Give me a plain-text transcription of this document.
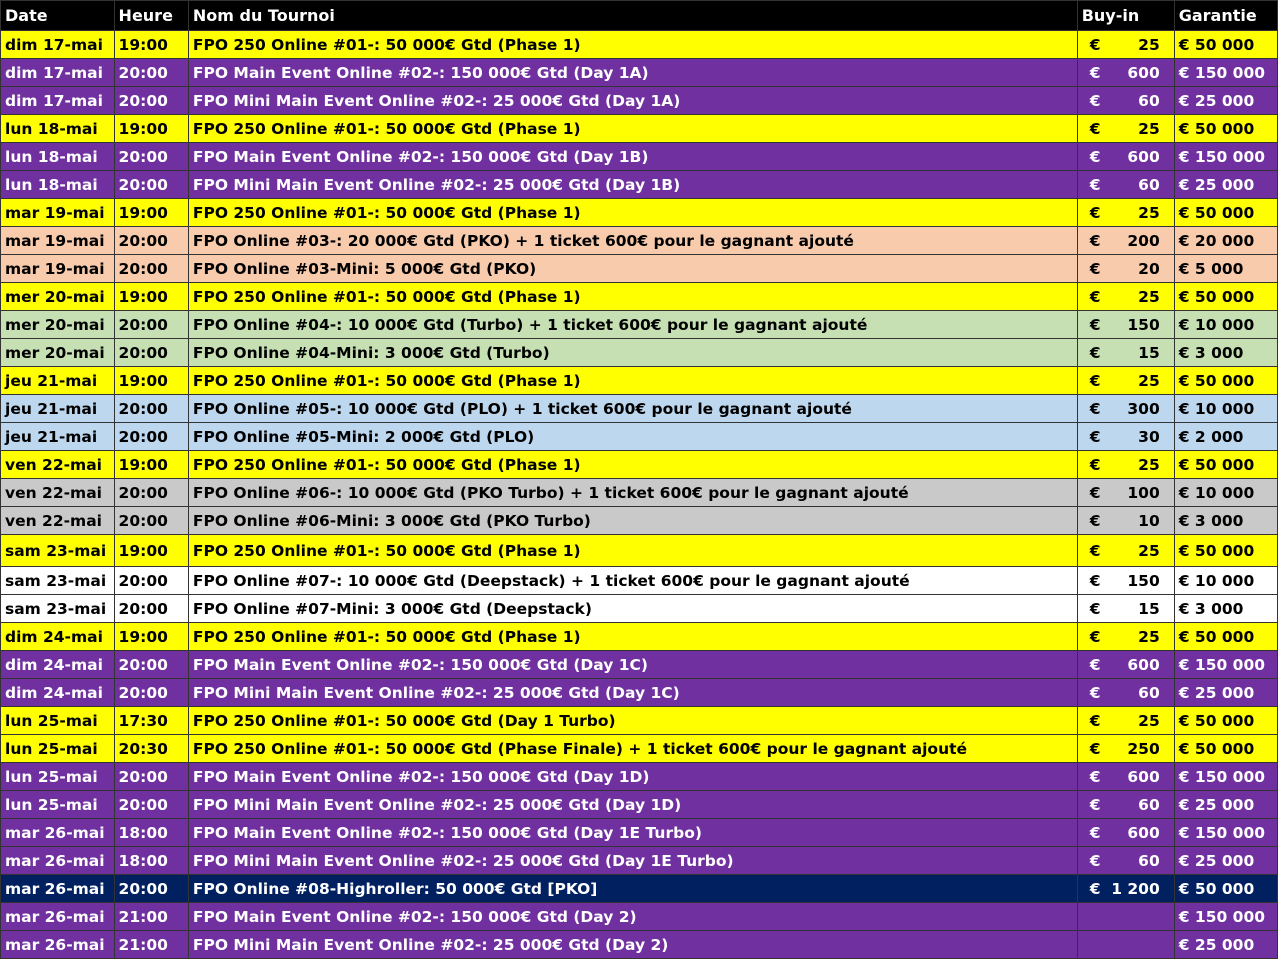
Date	Heure	Nom du Tournoi	Buy-in	Garantie
dim 17-mai	19:00	FPO 250 Online #01-: 50 000€ Gtd (Phase 1)	€ 25	€ 50 000
dim 17-mai	20:00	FPO Main Event Online #02-: 150 000€ Gtd (Day 1A)	€ 600	€ 150 000
dim 17-mai	20:00	FPO Mini Main Event Online #02-: 25 000€ Gtd (Day 1A)	€ 60	€ 25 000
lun 18-mai	19:00	FPO 250 Online #01-: 50 000€ Gtd (Phase 1)	€ 25	€ 50 000
lun 18-mai	20:00	FPO Main Event Online #02-: 150 000€ Gtd (Day 1B)	€ 600	€ 150 000
lun 18-mai	20:00	FPO Mini Main Event Online #02-: 25 000€ Gtd (Day 1B)	€ 60	€ 25 000
mar 19-mai	19:00	FPO 250 Online #01-: 50 000€ Gtd (Phase 1)	€ 25	€ 50 000
mar 19-mai	20:00	FPO Online #03-: 20 000€ Gtd (PKO) + 1 ticket 600€ pour le gagnant ajouté	€ 200	€ 20 000
mar 19-mai	20:00	FPO Online #03-Mini: 5 000€ Gtd (PKO)	€ 20	€ 5 000
mer 20-mai	19:00	FPO 250 Online #01-: 50 000€ Gtd (Phase 1)	€ 25	€ 50 000
mer 20-mai	20:00	FPO Online #04-: 10 000€ Gtd (Turbo) + 1 ticket 600€ pour le gagnant ajouté	€ 150	€ 10 000
mer 20-mai	20:00	FPO Online #04-Mini: 3 000€ Gtd (Turbo)	€ 15	€ 3 000
jeu 21-mai	19:00	FPO 250 Online #01-: 50 000€ Gtd (Phase 1)	€ 25	€ 50 000
jeu 21-mai	20:00	FPO Online #05-: 10 000€ Gtd (PLO) + 1 ticket 600€ pour le gagnant ajouté	€ 300	€ 10 000
jeu 21-mai	20:00	FPO Online #05-Mini: 2 000€ Gtd (PLO)	€ 30	€ 2 000
ven 22-mai	19:00	FPO 250 Online #01-: 50 000€ Gtd (Phase 1)	€ 25	€ 50 000
ven 22-mai	20:00	FPO Online #06-: 10 000€ Gtd (PKO Turbo) + 1 ticket 600€ pour le gagnant ajouté	€ 100	€ 10 000
ven 22-mai	20:00	FPO Online #06-Mini: 3 000€ Gtd (PKO Turbo)	€ 10	€ 3 000
sam 23-mai	19:00	FPO 250 Online #01-: 50 000€ Gtd (Phase 1)	€ 25	€ 50 000
sam 23-mai	20:00	FPO Online #07-: 10 000€ Gtd (Deepstack) + 1 ticket 600€ pour le gagnant ajouté	€ 150	€ 10 000
sam 23-mai	20:00	FPO Online #07-Mini: 3 000€ Gtd (Deepstack)	€ 15	€ 3 000
dim 24-mai	19:00	FPO 250 Online #01-: 50 000€ Gtd (Phase 1)	€ 25	€ 50 000
dim 24-mai	20:00	FPO Main Event Online #02-: 150 000€ Gtd (Day 1C)	€ 600	€ 150 000
dim 24-mai	20:00	FPO Mini Main Event Online #02-: 25 000€ Gtd (Day 1C)	€ 60	€ 25 000
lun 25-mai	17:30	FPO 250 Online #01-: 50 000€ Gtd (Day 1 Turbo)	€ 25	€ 50 000
lun 25-mai	20:30	FPO 250 Online #01-: 50 000€ Gtd (Phase Finale) + 1 ticket 600€ pour le gagnant ajouté	€ 250	€ 50 000
lun 25-mai	20:00	FPO Main Event Online #02-: 150 000€ Gtd (Day 1D)	€ 600	€ 150 000
lun 25-mai	20:00	FPO Mini Main Event Online #02-: 25 000€ Gtd (Day 1D)	€ 60	€ 25 000
mar 26-mai	18:00	FPO Main Event Online #02-: 150 000€ Gtd (Day 1E Turbo)	€ 600	€ 150 000
mar 26-mai	18:00	FPO Mini Main Event Online #02-: 25 000€ Gtd (Day 1E Turbo)	€ 60	€ 25 000
mar 26-mai	20:00	FPO Online #08-Highroller: 50 000€ Gtd [PKO]	€ 1 200	€ 50 000
mar 26-mai	21:00	FPO Main Event Online #02-: 150 000€ Gtd (Day 2)		€ 150 000
mar 26-mai	21:00	FPO Mini Main Event Online #02-: 25 000€ Gtd (Day 2)		€ 25 000
